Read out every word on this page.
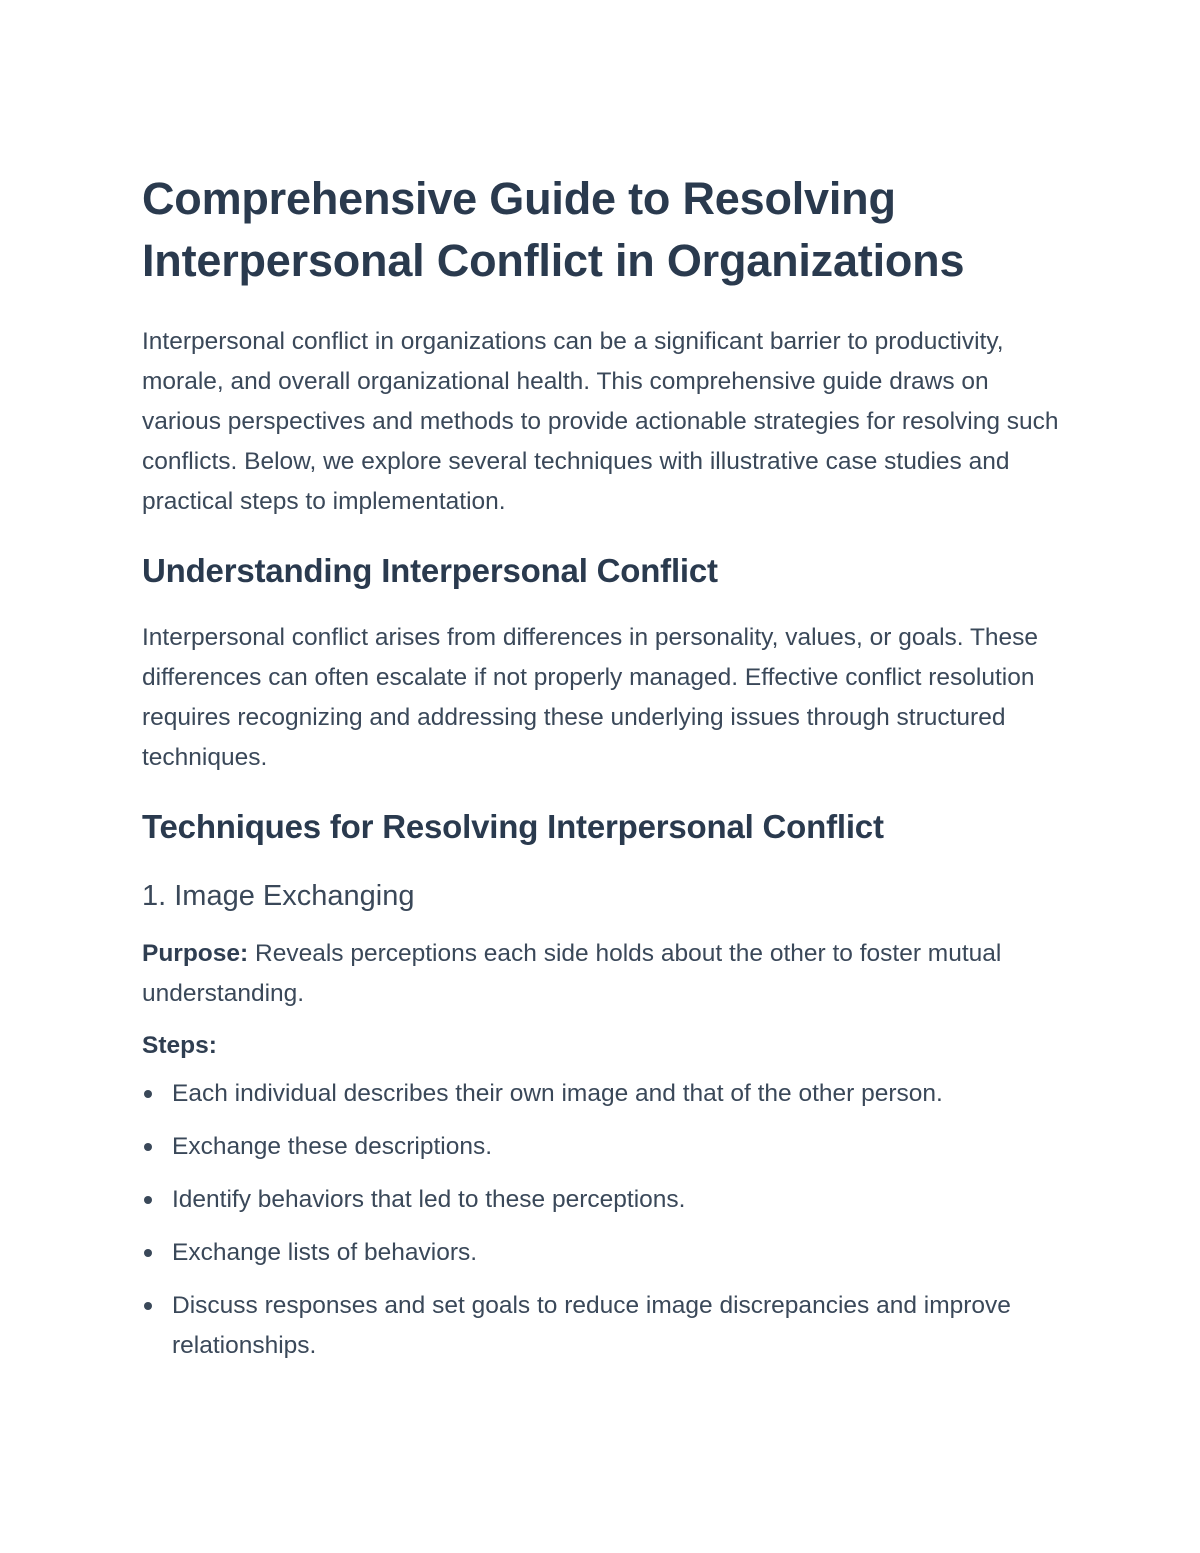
Comprehensive Guide to Resolving Interpersonal Conflict in Organizations

Interpersonal conflict in organizations can be a significant barrier to productivity, morale, and overall organizational health. This comprehensive guide draws on various perspectives and methods to provide actionable strategies for resolving such conflicts. Below, we explore several techniques with illustrative case studies and practical steps to implementation.

Understanding Interpersonal Conflict

Interpersonal conflict arises from differences in personality, values, or goals. These differences can often escalate if not properly managed. Effective conflict resolution requires recognizing and addressing these underlying issues through structured techniques.

Techniques for Resolving Interpersonal Conflict
1. Image Exchanging

Purpose: Reveals perceptions each side holds about the other to foster mutual understanding.

Steps:
Each individual describes their own image and that of the other person.
Exchange these descriptions.
Identify behaviors that led to these perceptions.
Exchange lists of behaviors.
Discuss responses and set goals to reduce image discrepancies and improve relationships.
